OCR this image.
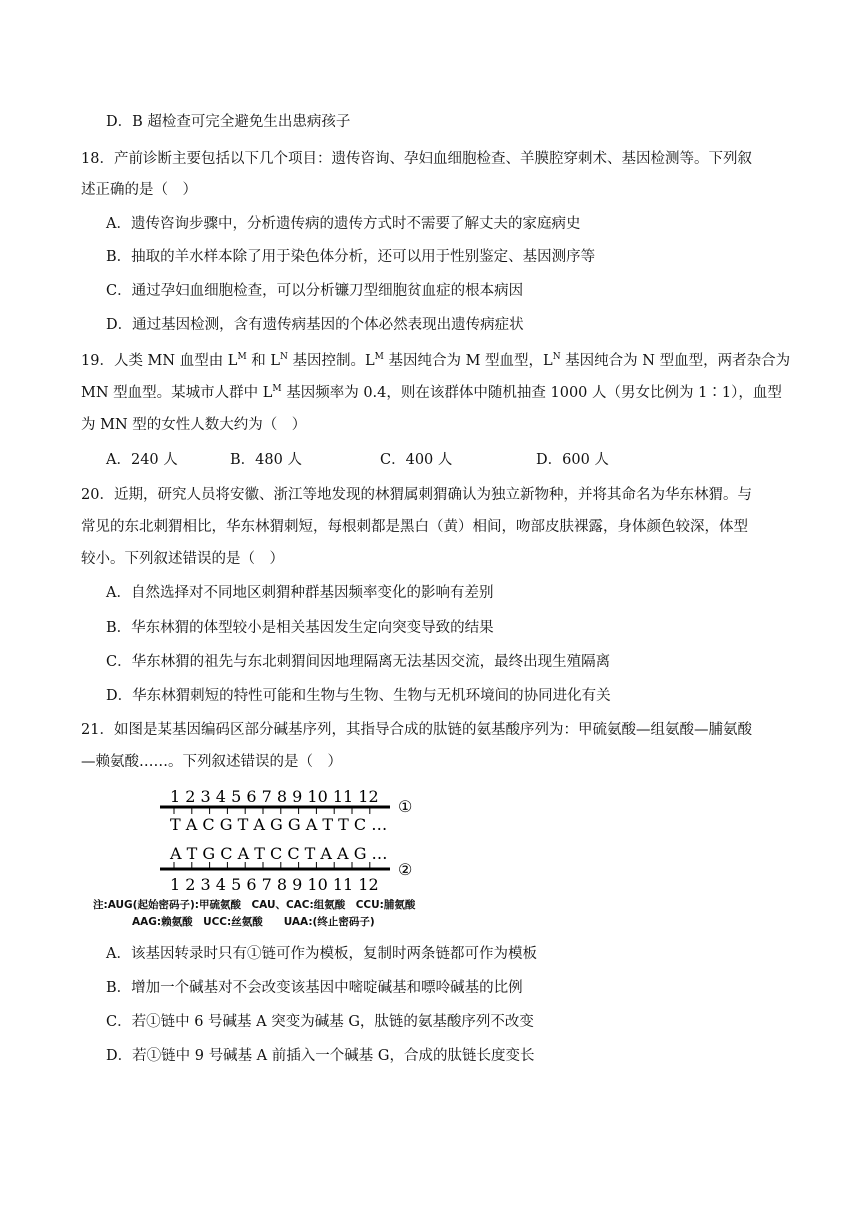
D．B 超检查可完全避免生出患病孩子
18．产前诊断主要包括以下几个项目：遗传咨询、孕妇血细胞检查、羊膜腔穿刺术、基因检测等。下列叙
述正确的是（　）
A．遗传咨询步骤中，分析遗传病的遗传方式时不需要了解丈夫的家庭病史
B．抽取的羊水样本除了用于染色体分析，还可以用于性别鉴定、基因测序等
C．通过孕妇血细胞检查，可以分析镰刀型细胞贫血症的根本病因
D．通过基因检测，含有遗传病基因的个体必然表现出遗传病症状
19．人类 MN 血型由 $L^M$ 和 $L^N$ 基因控制。$L^M$ 基因纯合为 M 型血型，$L^N$ 基因纯合为 N 型血型，两者杂合为
MN 型血型。某城市人群中 $L^M$ 基因频率为 0.4，则在该群体中随机抽查 1000 人（男女比例为 1∶1），血型
为 MN 型的女性人数大约为（　）
A．240 人	B．480 人	C．400 人	D．600 人
20．近期，研究人员将安徽、浙江等地发现的林猬属刺猬确认为独立新物种，并将其命名为华东林猬。与
常见的东北刺猬相比，华东林猬刺短，每根刺都是黑白（黄）相间，吻部皮肤裸露，身体颜色较深，体型
较小。下列叙述错误的是（　）
A．自然选择对不同地区刺猬种群基因频率变化的影响有差别
B．华东林猬的体型较小是相关基因发生定向突变导致的结果
C．华东林猬的祖先与东北刺猬间因地理隔离无法基因交流，最终出现生殖隔离
D．华东林猬刺短的特性可能和生物与生物、生物与无机环境间的协同进化有关
21．如图是某基因编码区部分碱基序列，其指导合成的肽链的氨基酸序列为：甲硫氨酸—组氨酸—脯氨酸
—赖氨酸……。下列叙述错误的是（　）
1 2 3 4 5 6 7 8 9 10 11 12
①
T A C G T A G G A T T C …
A T G C A T C C T A A G …
②
1 2 3 4 5 6 7 8 9 10 11 12
注:AUG(起始密码子):甲硫氨酸　CAU、CAC:组氨酸　CCU:脯氨酸
AAG:赖氨酸　UCC:丝氨酸　　UAA:(终止密码子)
A．该基因转录时只有①链可作为模板，复制时两条链都可作为模板
B．增加一个碱基对不会改变该基因中嘧啶碱基和嘌呤碱基的比例
C．若①链中 6 号碱基 A 突变为碱基 G，肽链的氨基酸序列不改变
D．若①链中 9 号碱基 A 前插入一个碱基 G，合成的肽链长度变长
